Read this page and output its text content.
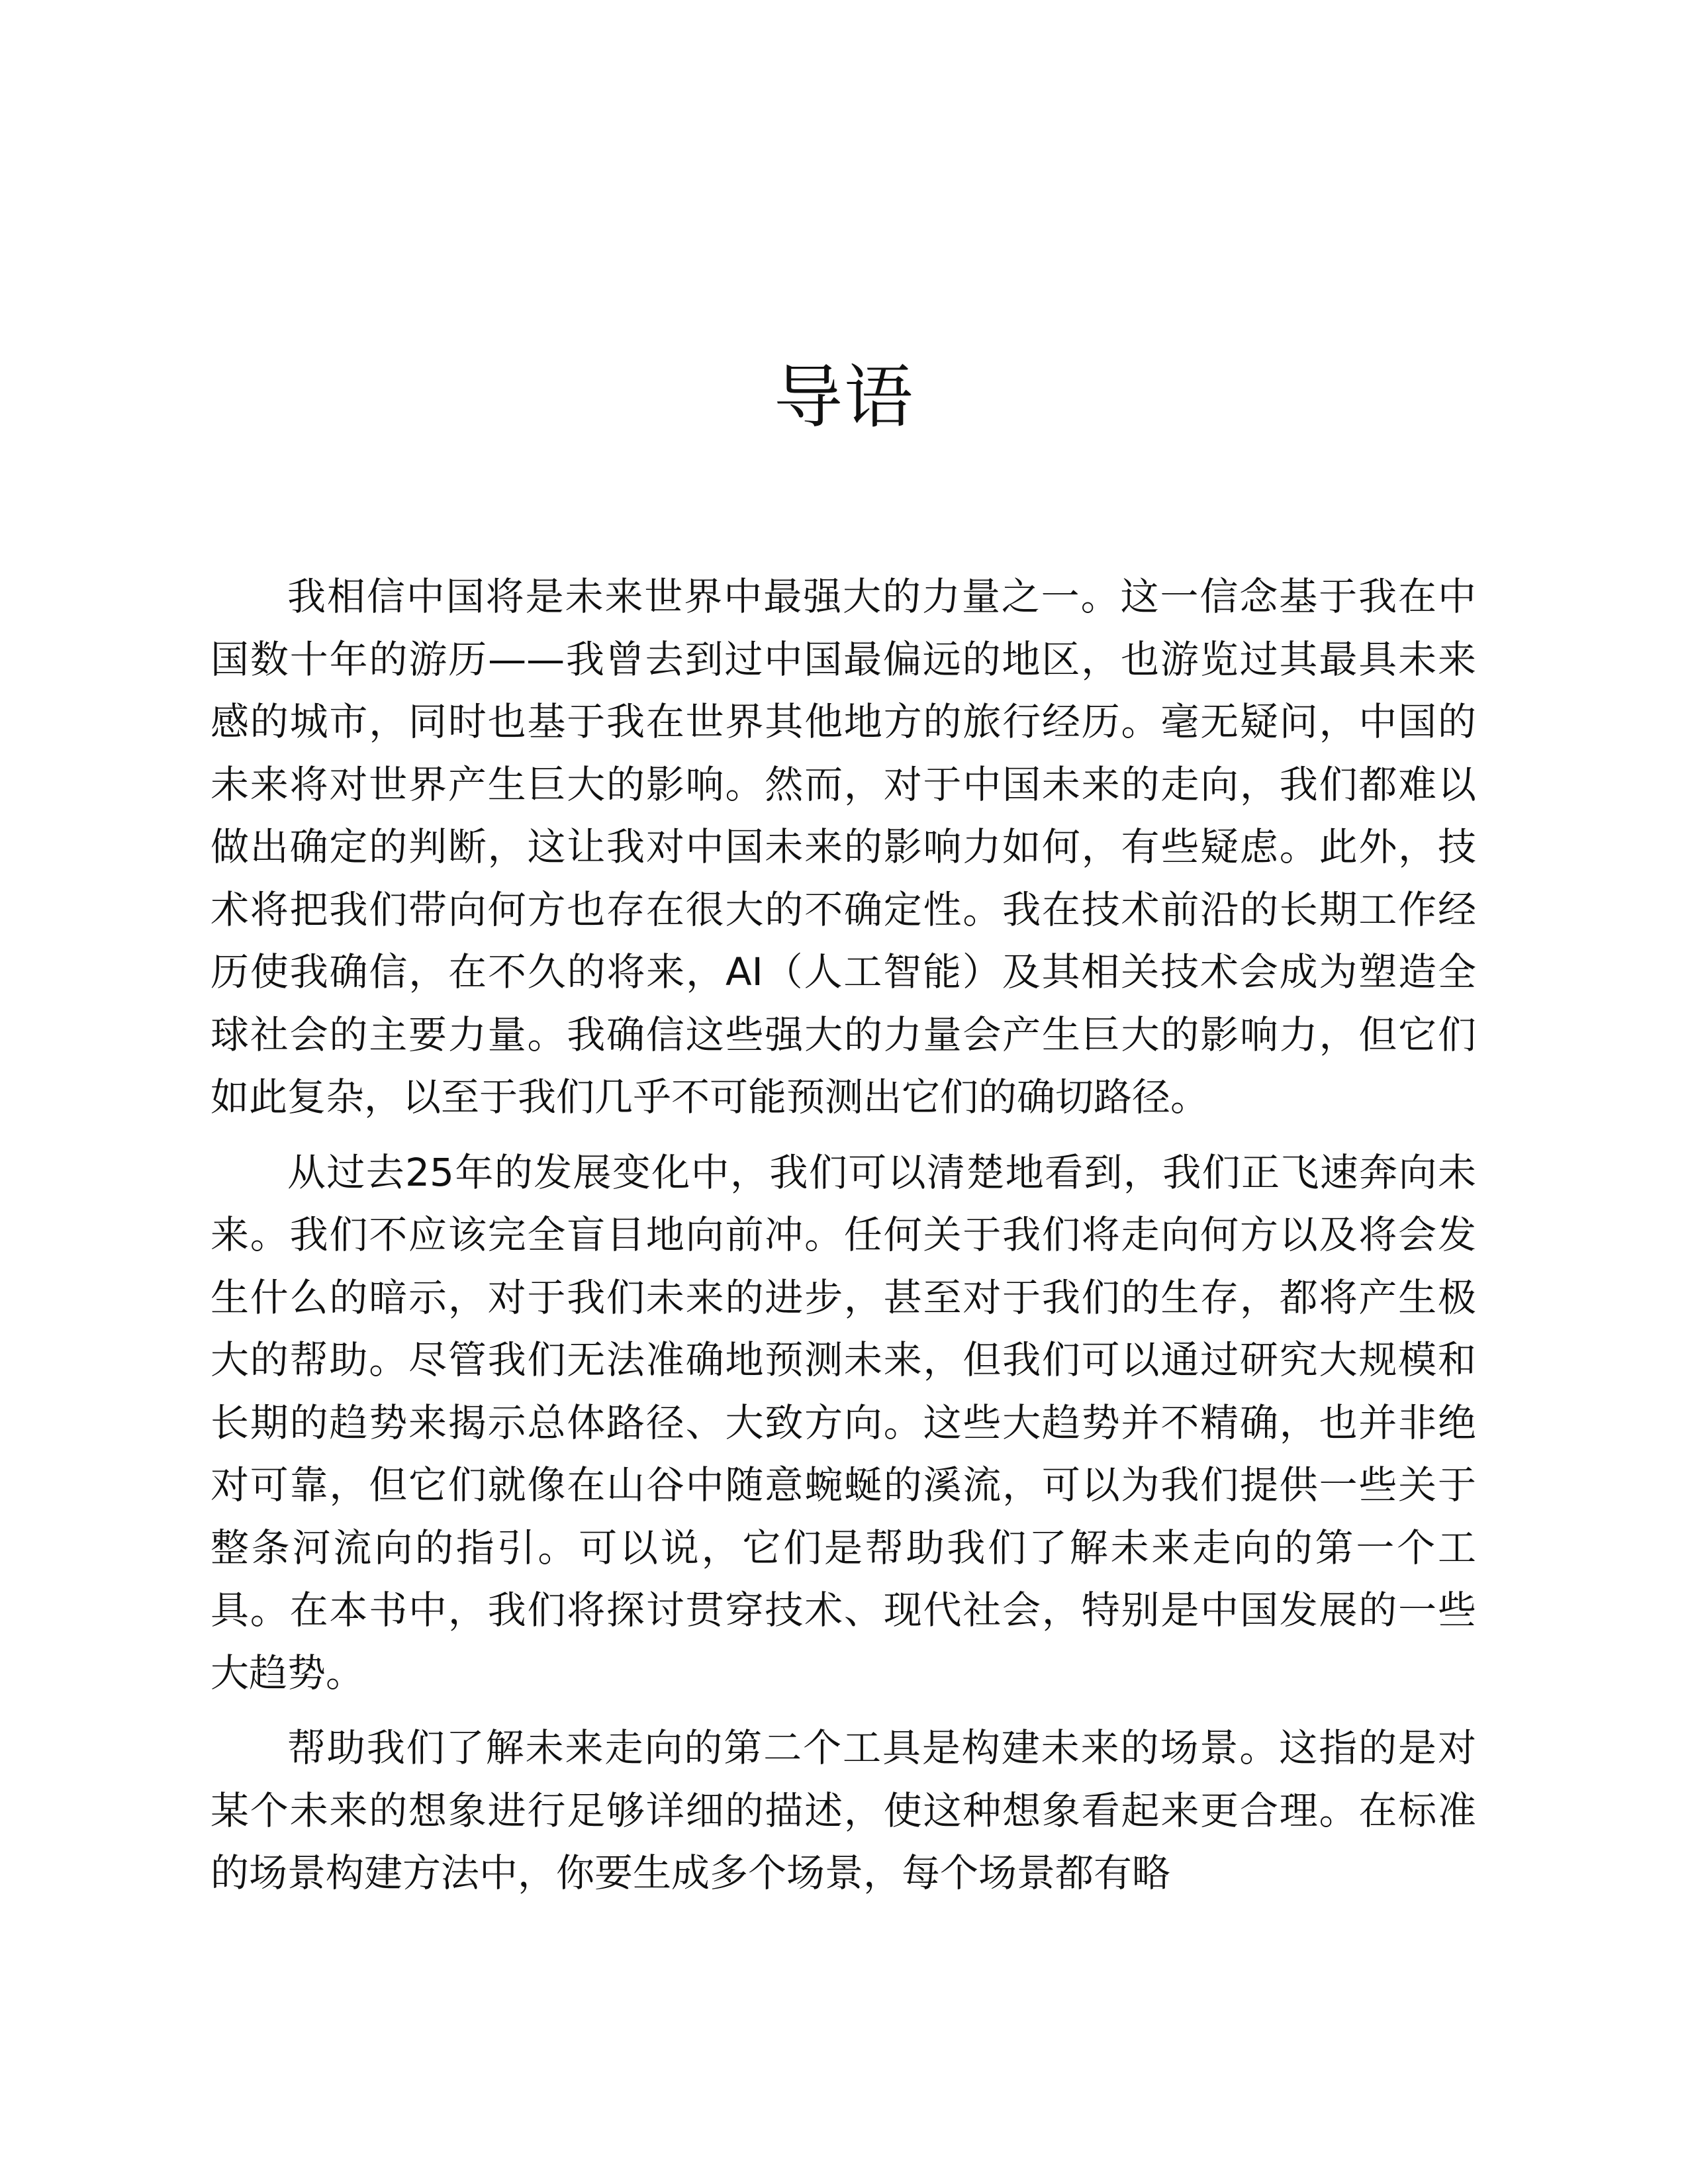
导语

我相信中国将是未来世界中最强大的力量之一。这一信念基于我在中国数十年的游历——我曾去到过中国最偏远的地区，也游览过其最具未来感的城市，同时也基于我在世界其他地方的旅行经历。毫无疑问，中国的未来将对世界产生巨大的影响。然而，对于中国未来的走向，我们都难以做出确定的判断，这让我对中国未来的影响力如何，有些疑虑。此外，技术将把我们带向何方也存在很大的不确定性。我在技术前沿的长期工作经历使我确信，在不久的将来，AI（人工智能）及其相关技术会成为塑造全球社会的主要力量。我确信这些强大的力量会产生巨大的影响力，但它们如此复杂，以至于我们几乎不可能预测出它们的确切路径。

从过去25年的发展变化中，我们可以清楚地看到，我们正飞速奔向未来。我们不应该完全盲目地向前冲。任何关于我们将走向何方以及将会发生什么的暗示，对于我们未来的进步，甚至对于我们的生存，都将产生极大的帮助。尽管我们无法准确地预测未来，但我们可以通过研究大规模和长期的趋势来揭示总体路径、大致方向。这些大趋势并不精确，也并非绝对可靠，但它们就像在山谷中随意蜿蜒的溪流，可以为我们提供一些关于整条河流向的指引。可以说，它们是帮助我们了解未来走向的第一个工具。在本书中，我们将探讨贯穿技术、现代社会，特别是中国发展的一些大趋势。

帮助我们了解未来走向的第二个工具是构建未来的场景。这指的是对某个未来的想象进行足够详细的描述，使这种想象看起来更合理。在标准的场景构建方法中，你要生成多个场景，每个场景都有略
